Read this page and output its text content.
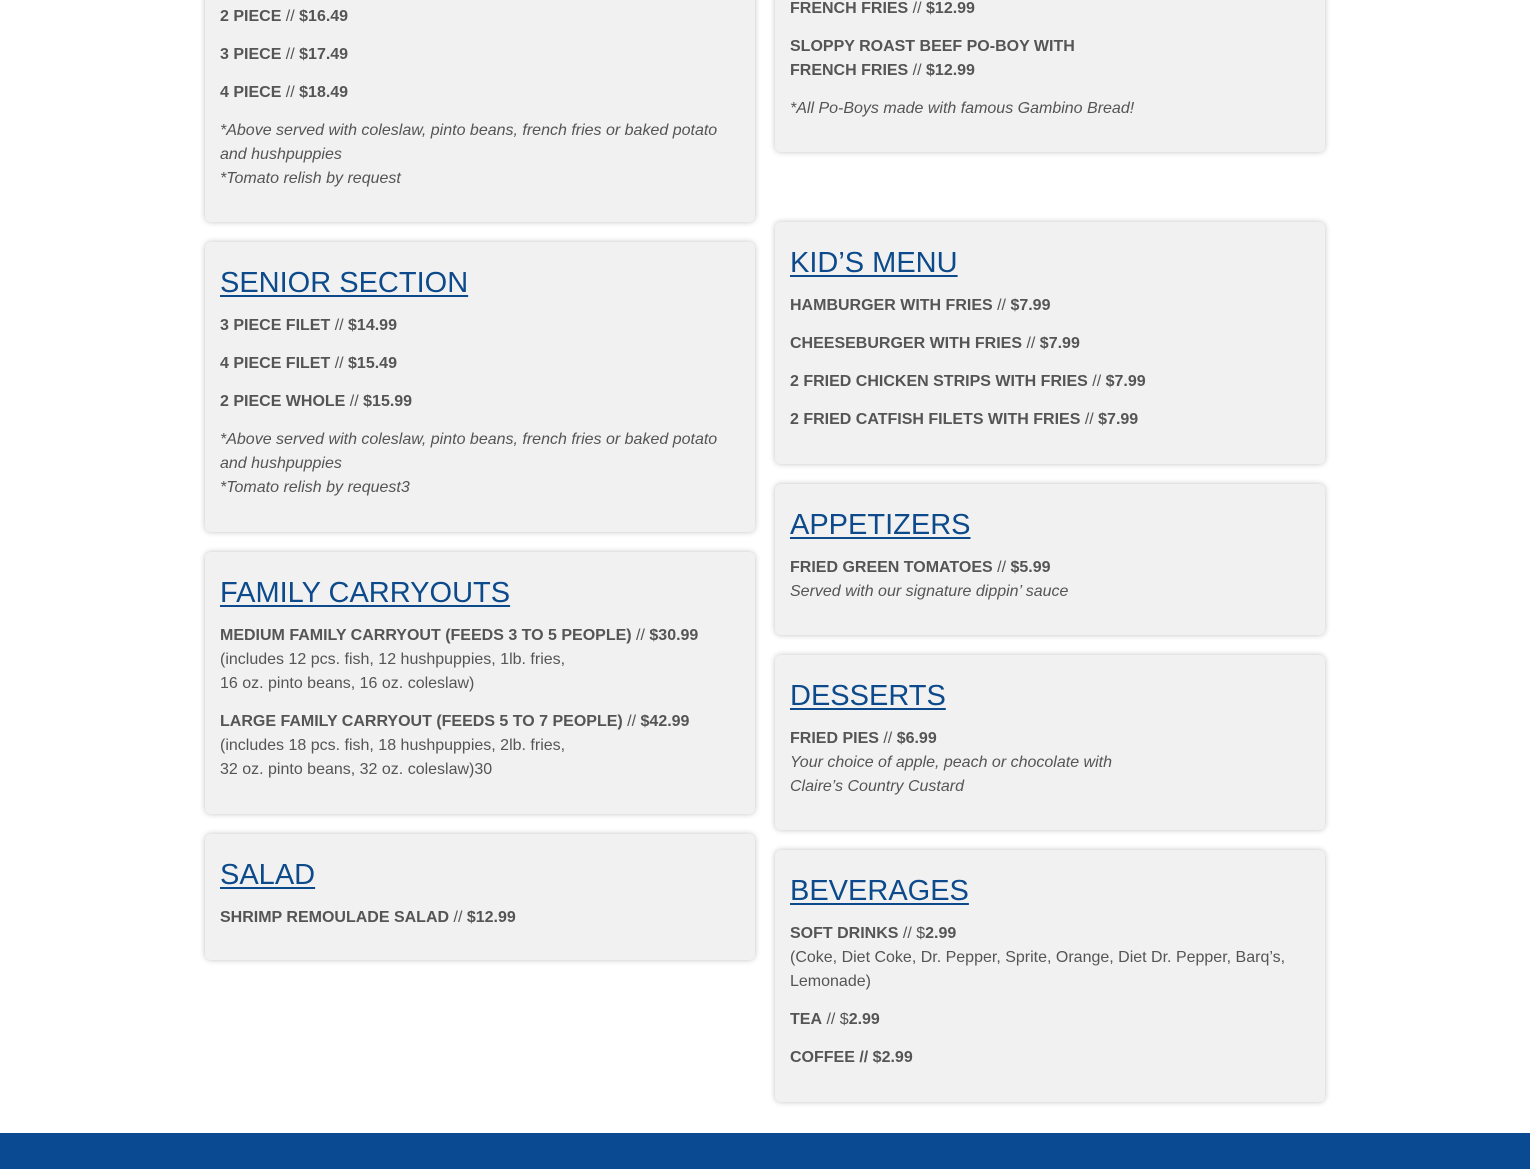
2 PIECE // $16.49
3 PIECE // $17.49
4 PIECE // $18.49

*Above served with coleslaw, pinto beans, french fries or baked potato and hushpuppies

*Tomato relish by request

SENIOR SECTION
3 PIECE FILET // $14.99
4 PIECE FILET // $15.49
2 PIECE WHOLE // $15.99

*Above served with coleslaw, pinto beans, french fries or baked potato and hushpuppies

*Tomato relish by request3

FAMILY CARRYOUTS
MEDIUM FAMILY CARRYOUT (FEEDS 3 TO 5 PEOPLE) // $30.99
(includes 12 pcs. fish, 12 hushpuppies, 1lb. fries,
16 oz. pinto beans, 16 oz. coleslaw)
LARGE FAMILY CARRYOUT (FEEDS 5 TO 7 PEOPLE) // $42.99
(includes 18 pcs. fish, 18 hushpuppies, 2lb. fries,
32 oz. pinto beans, 32 oz. coleslaw)30
SALAD
SHRIMP REMOULADE SALAD // $12.99
FRENCH FRIES // $12.99
SLOPPY ROAST BEEF PO-BOY WITH
FRENCH FRIES // $12.99

*All Po-Boys made with famous Gambino Bread!

KID’S MENU
HAMBURGER WITH FRIES // $7.99
CHEESEBURGER WITH FRIES // $7.99
2 FRIED CHICKEN STRIPS WITH FRIES // $7.99
2 FRIED CATFISH FILETS WITH FRIES // $7.99
APPETIZERS
FRIED GREEN TOMATOES // $5.99
Served with our signature dippin’ sauce
DESSERTS
FRIED PIES // $6.99
Your choice of apple, peach or chocolate with
Claire’s Country Custard
BEVERAGES
SOFT DRINKS // $2.99
(Coke, Diet Coke, Dr. Pepper, Sprite, Orange, Diet Dr. Pepper, Barq’s, Lemonade)
TEA // $2.99
COFFEE // $2.99
